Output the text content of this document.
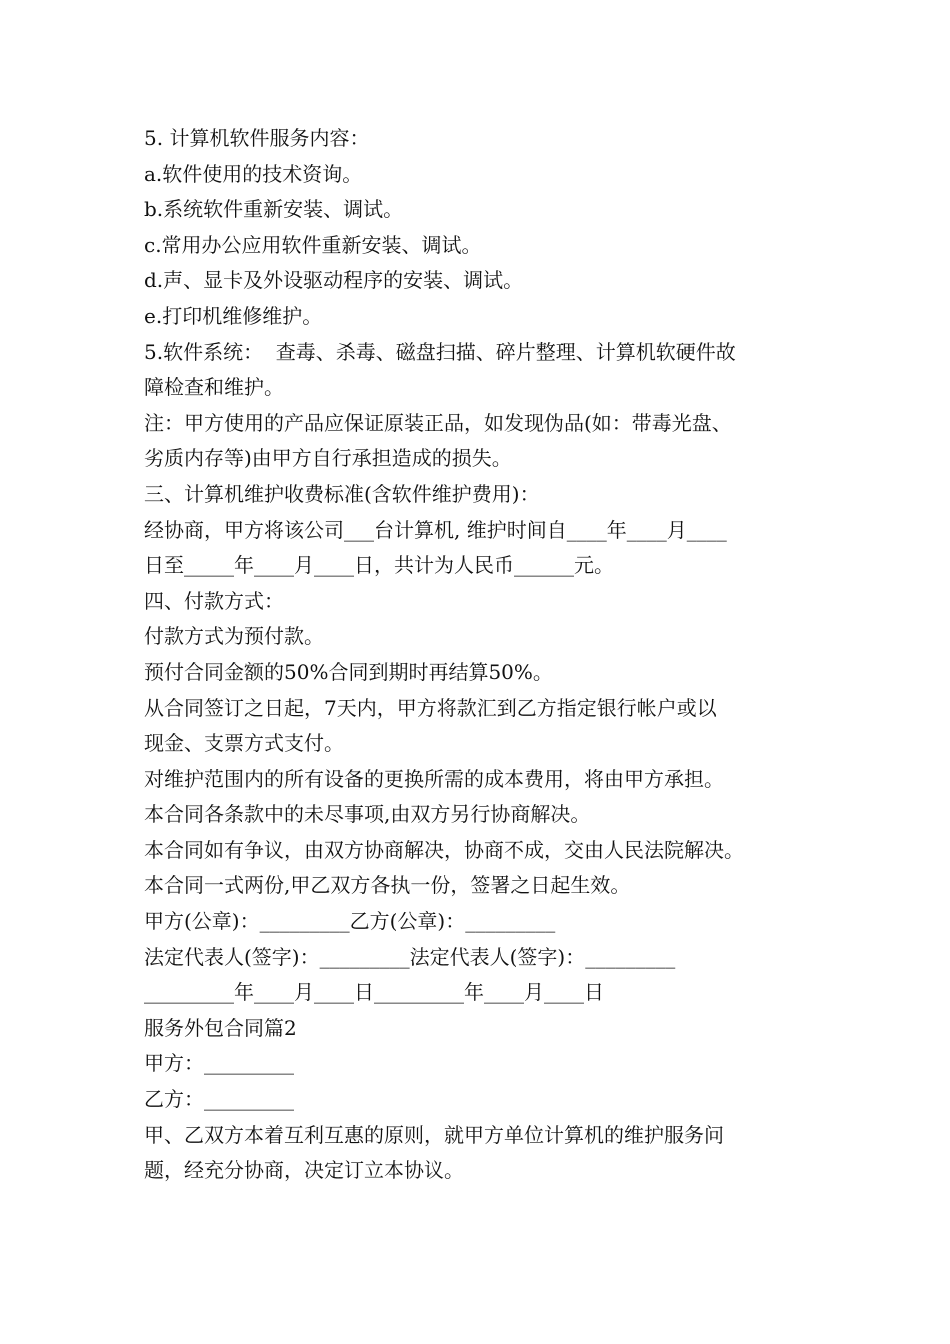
5. 计算机软件服务内容：
a.软件使用的技术资询。
b.系统软件重新安装、调试。
c.常用办公应用软件重新安装、调试。
d.声、显卡及外设驱动程序的安装、调试。
e.打印机维修维护。
5.软件系统：  查毒、杀毒、磁盘扫描、碎片整理、计算机软硬件故
障检查和维护。
注：甲方使用的产品应保证原装正品，如发现伪品(如：带毒光盘、
劣质内存等)由甲方自行承担造成的损失。
三、计算机维护收费标准(含软件维护费用)：
经协商，甲方将该公司___台计算机, 维护时间自____年____月____
日至_____年____月____日，共计为人民币______元。
四、付款方式：
付款方式为预付款。
预付合同金额的50%合同到期时再结算50%。
从合同签订之日起，7天内，甲方将款汇到乙方指定银行帐户或以
现金、支票方式支付。
对维护范围内的所有设备的更换所需的成本费用，将由甲方承担。
本合同各条款中的未尽事项,由双方另行协商解决。
本合同如有争议，由双方协商解决，协商不成，交由人民法院解决。
本合同一式两份,甲乙双方各执一份，签署之日起生效。
甲方(公章)：_________乙方(公章)：_________
法定代表人(签字)：_________法定代表人(签字)：_________
_________年____月____日_________年____月____日
服务外包合同篇2
甲方：_________
乙方：_________
甲、乙双方本着互利互惠的原则，就甲方单位计算机的维护服务问
题，经充分协商，决定订立本协议。
